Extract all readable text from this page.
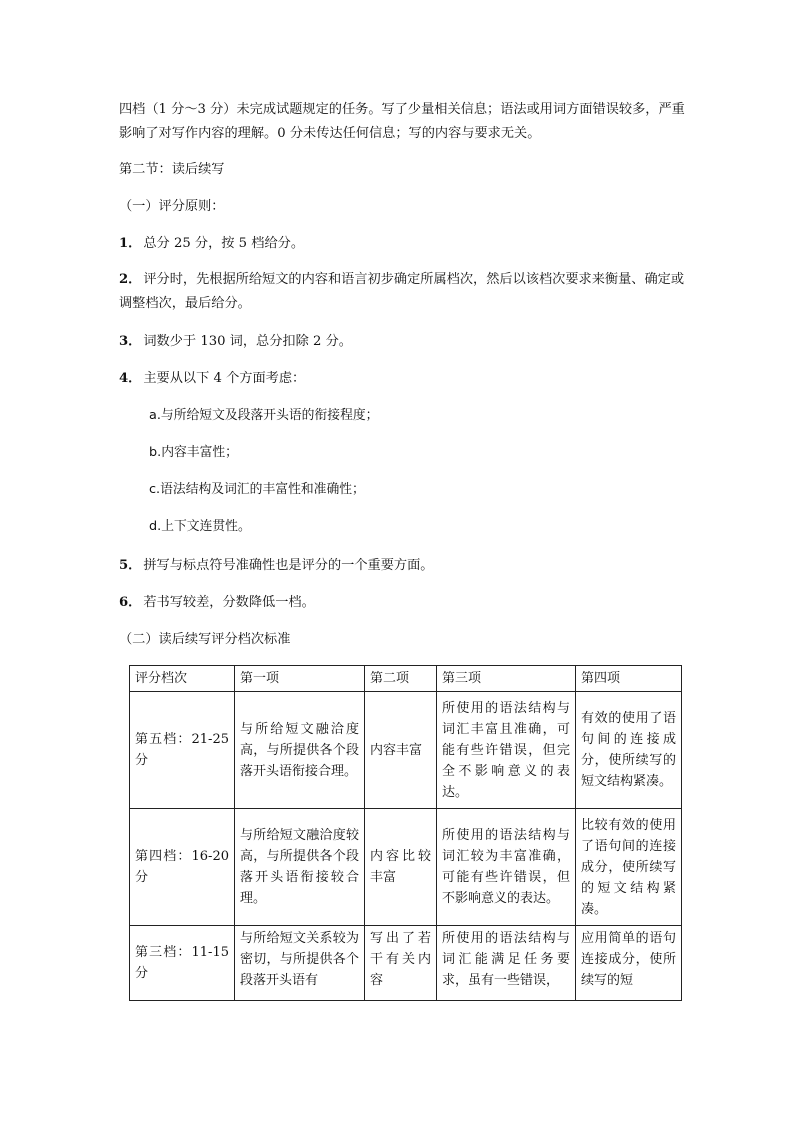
四档（1 分～3 分）未完成试题规定的任务。写了少量相关信息；语法或用词方面错误较多，严重影响了对写作内容的理解。0 分未传达任何信息；写的内容与要求无关。

第二节：读后续写

（一）评分原则：

1． 总分 25 分，按 5 档给分。

2． 评分时，先根据所给短文的内容和语言初步确定所属档次，然后以该档次要求来衡量、确定或调整档次，最后给分。

3． 词数少于 130 词，总分扣除 2 分。

4． 主要从以下 4 个方面考虑：

a.与所给短文及段落开头语的衔接程度；

b.内容丰富性；

c.语法结构及词汇的丰富性和准确性；

d.上下文连贯性。

5． 拼写与标点符号准确性也是评分的一个重要方面。

6． 若书写较差，分数降低一档。

（二）读后续写评分档次标准

评分档次	第一项	第二项	第三项	第四项
第五档：21-25 分	与所给短文融洽度高，与所提供各个段落开头语衔接合理。	内容丰富	所使用的语法结构与词汇丰富且准确，可能有些许错误，但完全不影响意义的表达。	有效的使用了语句间的连接成分，使所续写的短文结构紧凑。
第四档：16-20 分	与所给短文融洽度较高，与所提供各个段落开头语衔接较合理。	内容比较丰富	所使用的语法结构与词汇较为丰富准确，可能有些许错误，但不影响意义的表达。	比较有效的使用了语句间的连接成分，使所续写的短文结构紧凑。
第三档：11-15 分	与所给短文关系较为密切，与所提供各个段落开头语有	写出了若干有关内容	所使用的语法结构与词汇能满足任务要求，虽有一些错误，	应用简单的语句连接成分，使所续写的短
